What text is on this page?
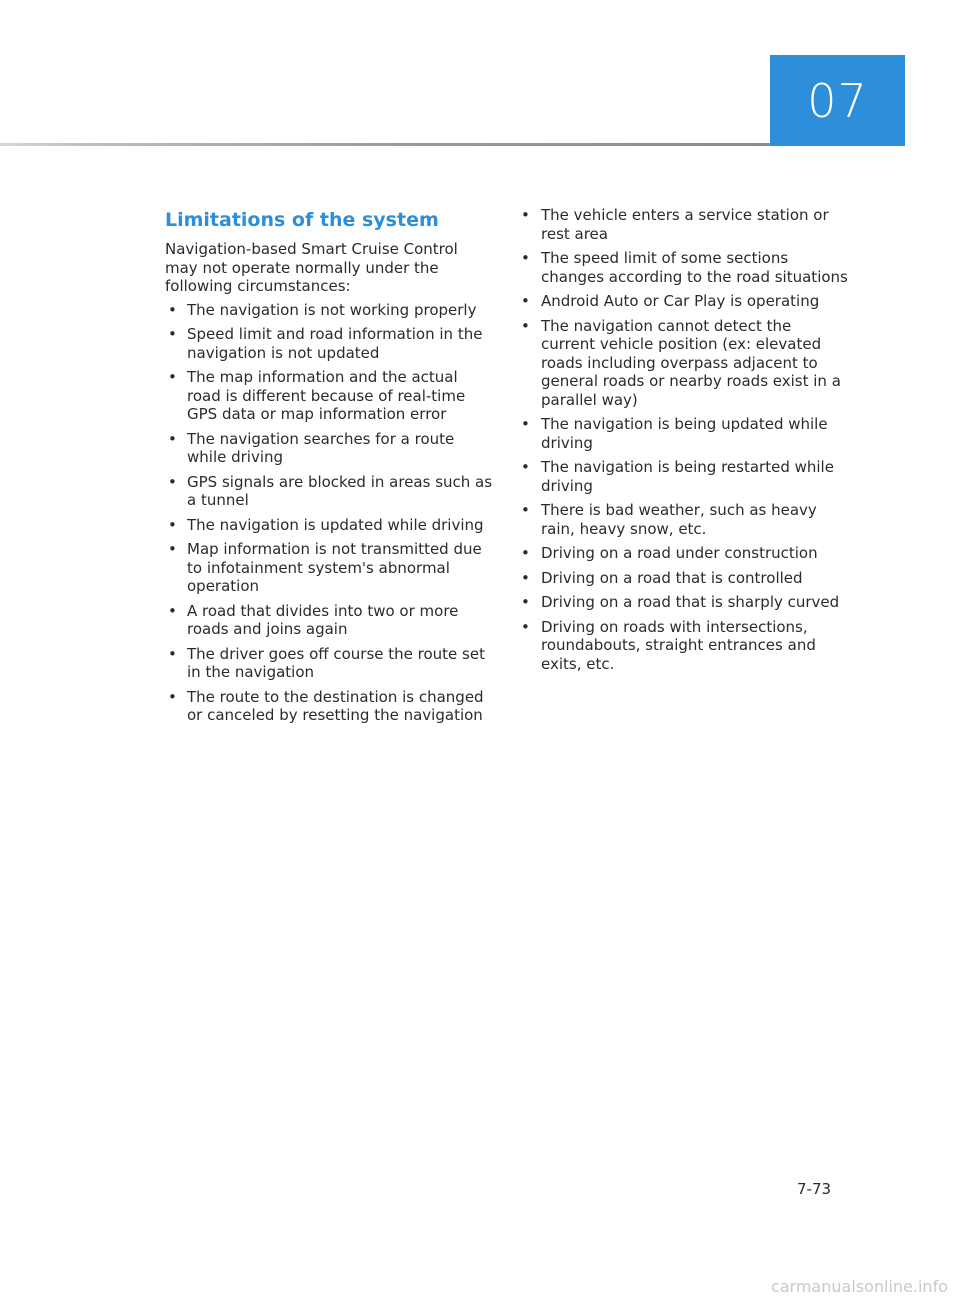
07
Limitations of the system

Navigation-based Smart Cruise Control may not operate normally under the following circumstances:

• The navigation is not working properly
• Speed limit and road information in the navigation is not updated
• The map information and the actual road is different because of real-time GPS data or map information error
• The navigation searches for a route while driving
• GPS signals are blocked in areas such as a tunnel
• The navigation is updated while driving
• Map information is not transmitted due to infotainment system's abnormal operation
• A road that divides into two or more roads and joins again
• The driver goes off course the route set in the navigation
• The route to the destination is changed or canceled by resetting the navigation
• The vehicle enters a service station or rest area
• The speed limit of some sections changes according to the road situations
• Android Auto or Car Play is operating
• The navigation cannot detect the current vehicle position (ex: elevated roads including overpass adjacent to general roads or nearby roads exist in a parallel way)
• The navigation is being updated while driving
• The navigation is being restarted while driving
• There is bad weather, such as heavy rain, heavy snow, etc.
• Driving on a road under construction
• Driving on a road that is controlled
• Driving on a road that is sharply curved
• Driving on roads with intersections, roundabouts, straight entrances and exits, etc.
7-73
carmanualsonline.info
